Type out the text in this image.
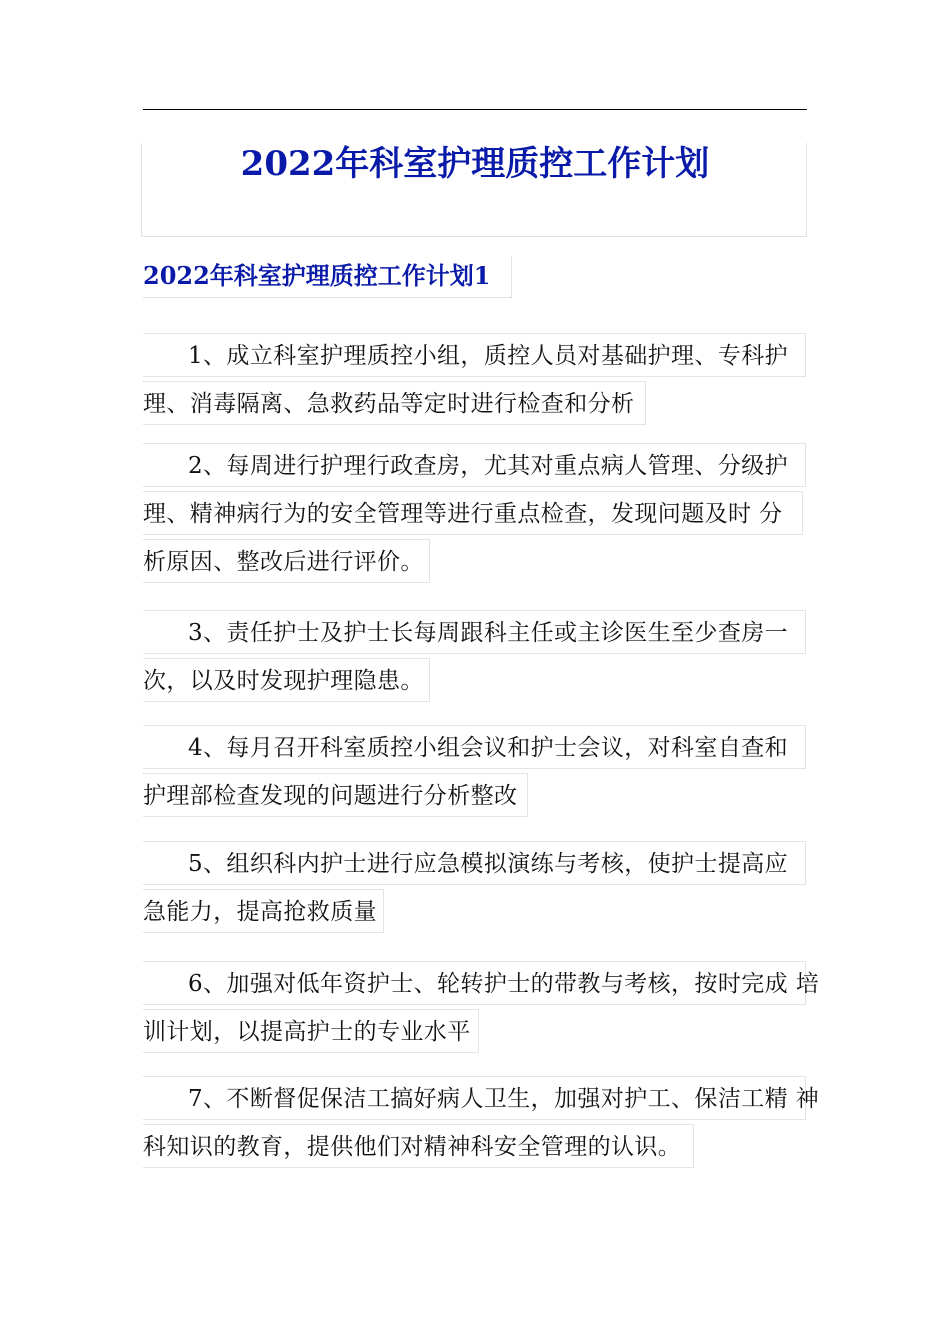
2022年科室护理质控工作计划
2022年科室护理质控工作计划1
1、成立科室护理质控小组，质控人员对基础护理、专科护
理、消毒隔离、急救药品等定时进行检查和分析
2、每周进行护理行政查房，尤其对重点病人管理、分级护
理、精神病行为的安全管理等进行重点检查，发现问题及时 分
析原因、整改后进行评价。
3、责任护士及护士长每周跟科主任或主诊医生至少查房一
次，以及时发现护理隐患。
4、每月召开科室质控小组会议和护士会议，对科室自查和
护理部检查发现的问题进行分析整改
5、组织科内护士进行应急模拟演练与考核，使护士提高应
急能力，提高抢救质量
6、加强对低年资护士、轮转护士的带教与考核，按时完成 培
训计划，以提高护士的专业水平
7、不断督促保洁工搞好病人卫生，加强对护工、保洁工精 神
科知识的教育，提供他们对精神科安全管理的认识。
